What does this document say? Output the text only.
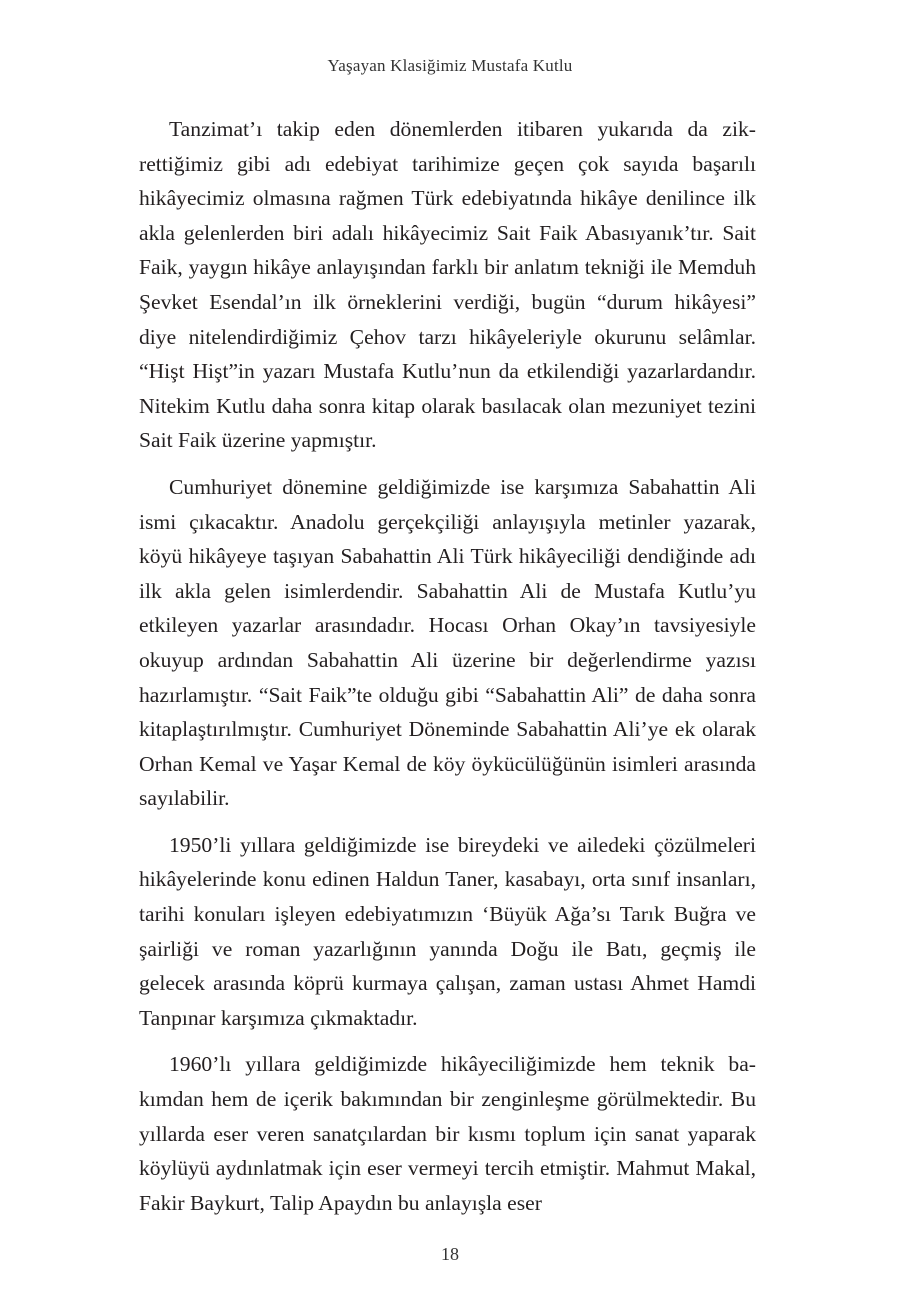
Yaşayan Klasiğimiz Mustafa Kutlu

Tanzimat’ı takip eden dönemlerden itibaren yukarıda da zikrettiğimiz gibi adı edebiyat tarihimize geçen çok sayıda başarılı hikâyecimiz olmasına rağmen Türk edebiyatında hikâye denilince ilk akla gelenlerden biri adalı hikâyecimiz Sait Faik Abasıyanık’tır. Sait Faik, yaygın hikâye anlayışından farklı bir anlatım tekniği ile Memduh Şevket Esendal’ın ilk örneklerini verdiği, bugün “durum hikâyesi” diye nitelendirdiğimiz Çehov tarzı hikâyeleriyle okurunu selâmlar. “Hişt Hişt”in yazarı Mustafa Kutlu’nun da etkilendiği yazarlardandır. Nitekim Kutlu daha sonra kitap olarak basılacak olan mezuniyet tezini Sait Faik üzerine yapmıştır.

Cumhuriyet dönemine geldiğimizde ise karşımıza Sabahattin Ali ismi çıkacaktır. Anadolu gerçekçiliği anlayışıyla metinler yazarak, köyü hikâyeye taşıyan Sabahattin Ali Türk hikâyeciliği dendiğinde adı ilk akla gelen isimlerdendir. Sabahattin Ali de Mustafa Kutlu’yu etkileyen yazarlar arasındadır. Hocası Orhan Okay’ın tavsiyesiyle okuyup ardından Sabahattin Ali üzerine bir değerlendirme yazısı hazırlamıştır. “Sait Faik”te olduğu gibi “Sabahattin Ali” de daha sonra kitaplaştırılmıştır. Cumhuriyet Döneminde Sabahattin Ali’ye ek olarak Orhan Kemal ve Yaşar Kemal de köy öykücülüğünün isimleri arasında sayılabilir.

1950’li yıllara geldiğimizde ise bireydeki ve ailedeki çözülmeleri hikâyelerinde konu edinen Haldun Taner, kasabayı, orta sınıf insanları, tarihi konuları işleyen edebiyatımızın ‘Büyük Ağa’sı Tarık Buğra ve şairliği ve roman yazarlığının yanında Doğu ile Batı, geçmiş ile gelecek arasında köprü kurmaya çalışan, zaman ustası Ahmet Hamdi Tanpınar karşımıza çıkmaktadır.

1960’lı yıllara geldiğimizde hikâyeciliğimizde hem teknik bakımdan hem de içerik bakımından bir zenginleşme görülmektedir. Bu yıllarda eser veren sanatçılardan bir kısmı toplum için sanat yaparak köylüyü aydınlatmak için eser vermeyi tercih etmiştir. Mahmut Makal, Fakir Baykurt, Talip Apaydın bu anlayışla eser

18
